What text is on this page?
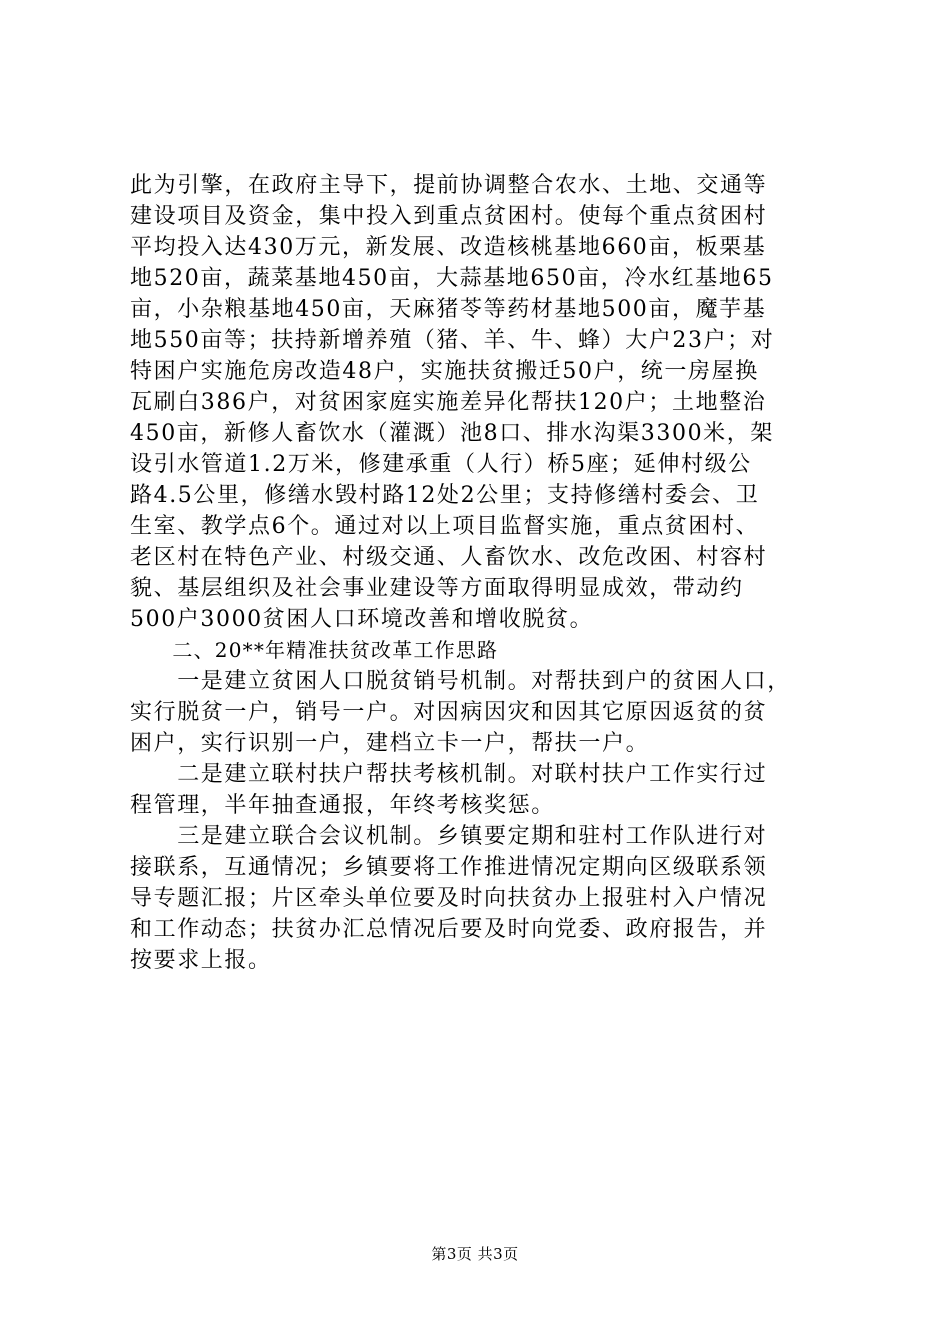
此为引擎，在政府主导下，提前协调整合农水、土地、交通等
建设项目及资金，集中投入到重点贫困村。使每个重点贫困村
平均投入达430万元，新发展、改造核桃基地660亩，板栗基
地520亩，蔬菜基地450亩，大蒜基地650亩，冷水红基地65
亩，小杂粮基地450亩，天麻猪苓等药材基地500亩，魔芋基
地550亩等；扶持新增养殖（猪、羊、牛、蜂）大户23户；对
特困户实施危房改造48户，实施扶贫搬迁50户，统一房屋换
瓦刷白386户，对贫困家庭实施差异化帮扶120户；土地整治
450亩，新修人畜饮水（灌溉）池8口、排水沟渠3300米，架
设引水管道1.2万米，修建承重（人行）桥5座；延伸村级公
路4.5公里，修缮水毁村路12处2公里；支持修缮村委会、卫
生室、教学点6个。通过对以上项目监督实施，重点贫困村、
老区村在特色产业、村级交通、人畜饮水、改危改困、村容村
貌、基层组织及社会事业建设等方面取得明显成效，带动约
500户3000贫困人口环境改善和增收脱贫。
　　二、20**年精准扶贫改革工作思路
　　一是建立贫困人口脱贫销号机制。对帮扶到户的贫困人口，
实行脱贫一户，销号一户。对因病因灾和因其它原因返贫的贫
困户，实行识别一户，建档立卡一户，帮扶一户。
　　二是建立联村扶户帮扶考核机制。对联村扶户工作实行过
程管理，半年抽查通报，年终考核奖惩。
　　三是建立联合会议机制。乡镇要定期和驻村工作队进行对
接联系，互通情况；乡镇要将工作推进情况定期向区级联系领
导专题汇报；片区牵头单位要及时向扶贫办上报驻村入户情况
和工作动态；扶贫办汇总情况后要及时向党委、政府报告，并
按要求上报。
第3页 共3页
